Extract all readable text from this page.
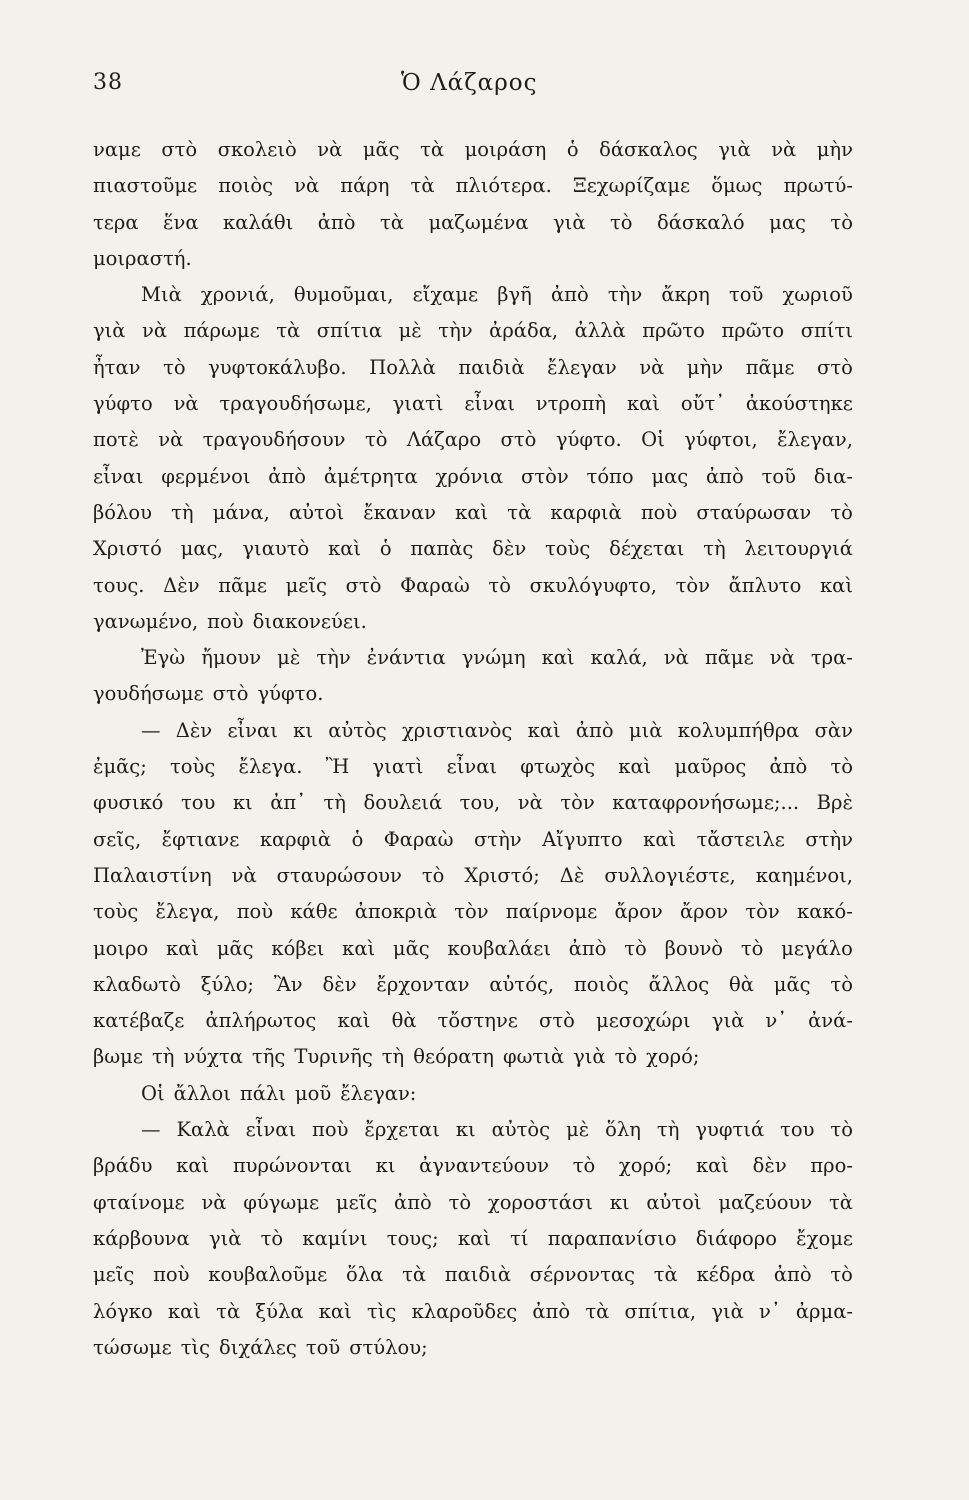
38	Ὁ Λάζαρος
ναμε στὸ σκολειὸ νὰ μᾶς τὰ μοιράση ὁ δάσκαλος γιὰ νὰ μὴν
πιαστοῦμε ποιὸς νὰ πάρη τὰ πλιότερα. Ξεχωρίζαμε ὅμως πρωτύ-
τερα ἕνα καλάθι ἀπὸ τὰ μαζωμένα γιὰ τὸ δάσκαλό μας τὸ
μοιραστή.
Μιὰ χρονιά, θυμοῦμαι, εἴχαμε βγῆ ἀπὸ τὴν ἄκρη τοῦ χωριοῦ
γιὰ νὰ πάρωμε τὰ σπίτια μὲ τὴν ἀράδα, ἀλλὰ πρῶτο πρῶτο σπίτι
ἦταν τὸ γυφτοκάλυβο. Πολλὰ παιδιὰ ἔλεγαν νὰ μὴν πᾶμε στὸ
γύφτο νὰ τραγουδήσωμε, γιατὶ εἶναι ντροπὴ καὶ οὔτ᾿ ἀκούστηκε
ποτὲ νὰ τραγουδήσουν τὸ Λάζαρο στὸ γύφτο. Οἱ γύφτοι, ἔλεγαν,
εἶναι φερμένοι ἀπὸ ἀμέτρητα χρόνια στὸν τόπο μας ἀπὸ τοῦ δια-
βόλου τὴ μάνα, αὐτοὶ ἔκαναν καὶ τὰ καρφιὰ ποὺ σταύρωσαν τὸ
Χριστό μας, γιαυτὸ καὶ ὁ παπὰς δὲν τοὺς δέχεται τὴ λειτουργιά
τους. Δὲν πᾶμε μεῖς στὸ Φαραὼ τὸ σκυλόγυφτο, τὸν ἄπλυτο καὶ
γανωμένο, ποὺ διακονεύει.
Ἐγὼ ἤμουν μὲ τὴν ἐνάντια γνώμη καὶ καλά, νὰ πᾶμε νὰ τρα-
γουδήσωμε στὸ γύφτο.
— Δὲν εἶναι κι αὐτὸς χριστιανὸς καὶ ἀπὸ μιὰ κολυμπήθρα σὰν
ἐμᾶς; τοὺς ἔλεγα. Ἢ γιατὶ εἶναι φτωχὸς καὶ μαῦρος ἀπὸ τὸ
φυσικό του κι ἀπ᾿ τὴ δουλειά του, νὰ τὸν καταφρονήσωμε;... Βρὲ
σεῖς, ἔφτιανε καρφιὰ ὁ Φαραὼ στὴν Αἴγυπτο καὶ τἄστειλε στὴν
Παλαιστίνη νὰ σταυρώσουν τὸ Χριστό; Δὲ συλλογιέστε, καημένοι,
τοὺς ἔλεγα, ποὺ κάθε ἀποκριὰ τὸν παίρνομε ἄρον ἄρον τὸν κακό-
μοιρο καὶ μᾶς κόβει καὶ μᾶς κουβαλάει ἀπὸ τὸ βουνὸ τὸ μεγάλο
κλαδωτὸ ξύλο; Ἂν δὲν ἔρχονταν αὐτός, ποιὸς ἄλλος θὰ μᾶς τὸ
κατέβαζε ἀπλήρωτος καὶ θὰ τὄστηνε στὸ μεσοχώρι γιὰ ν᾿ ἀνά-
βωμε τὴ νύχτα τῆς Τυρινῆς τὴ θεόρατη φωτιὰ γιὰ τὸ χορό;
Οἱ ἄλλοι πάλι μοῦ ἔλεγαν:
— Καλὰ εἶναι ποὺ ἔρχεται κι αὐτὸς μὲ ὅλη τὴ γυφτιά του τὸ
βράδυ καὶ πυρώνονται κι ἀγναντεύουν τὸ χορό; καὶ δὲν προ-
φταίνομε νὰ φύγωμε μεῖς ἀπὸ τὸ χοροστάσι κι αὐτοὶ μαζεύουν τὰ
κάρβουνα γιὰ τὸ καμίνι τους; καὶ τί παραπανίσιο διάφορο ἔχομε
μεῖς ποὺ κουβαλοῦμε ὅλα τὰ παιδιὰ σέρνοντας τὰ κέδρα ἀπὸ τὸ
λόγκο καὶ τὰ ξύλα καὶ τὶς κλαροῦδες ἀπὸ τὰ σπίτια, γιὰ ν᾿ ἀρμα-
τώσωμε τὶς διχάλες τοῦ στύλου;
